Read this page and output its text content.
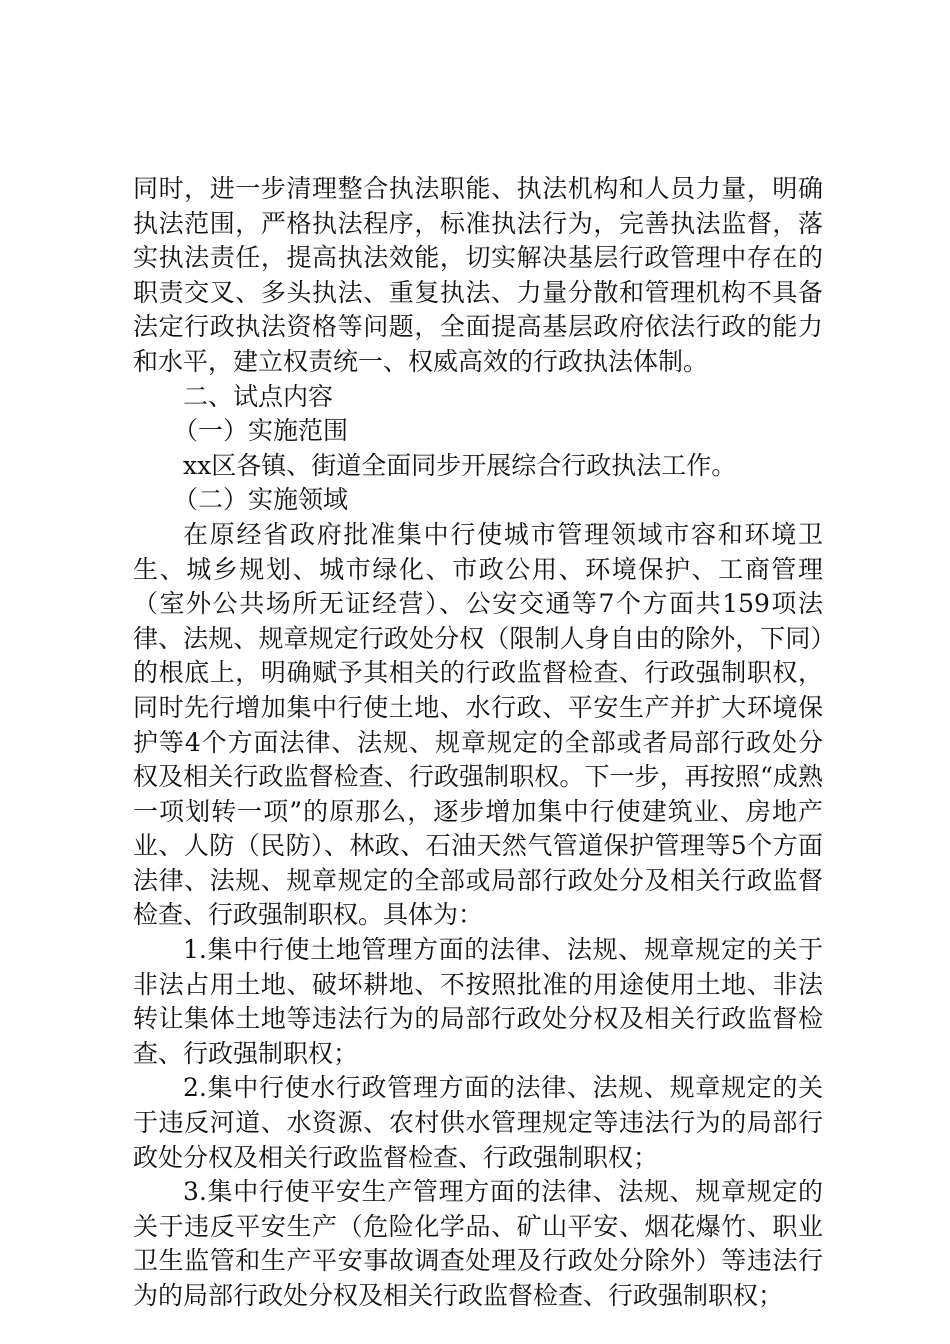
同时，进一步清理整合执法职能、执法机构和人员力量，明确执法范围，严格执法程序，标准执法行为，完善执法监督，落实执法责任，提高执法效能，切实解决基层行政管理中存在的职责交叉、多头执法、重复执法、力量分散和管理机构不具备法定行政执法资格等问题，全面提高基层政府依法行政的能力和水平，建立权责统一、权威高效的行政执法体制。

二、试点内容

（一）实施范围

xx区各镇、街道全面同步开展综合行政执法工作。

（二）实施领域

在原经省政府批准集中行使城市管理领域市容和环境卫生、城乡规划、城市绿化、市政公用、环境保护、工商管理（室外公共场所无证经营）、公安交通等7个方面共159项法律、法规、规章规定行政处分权（限制人身自由的除外，下同）的根底上，明确赋予其相关的行政监督检查、行政强制职权，同时先行增加集中行使土地、水行政、平安生产并扩大环境保护等4个方面法律、法规、规章规定的全部或者局部行政处分权及相关行政监督检查、行政强制职权。下一步，再按照“成熟一项划转一项”的原那么，逐步增加集中行使建筑业、房地产业、人防（民防）、林政、石油天然气管道保护管理等5个方面法律、法规、规章规定的全部或局部行政处分及相关行政监督检查、行政强制职权。具体为：

1.集中行使土地管理方面的法律、法规、规章规定的关于非法占用土地、破坏耕地、不按照批准的用途使用土地、非法转让集体土地等违法行为的局部行政处分权及相关行政监督检查、行政强制职权；

2.集中行使水行政管理方面的法律、法规、规章规定的关于违反河道、水资源、农村供水管理规定等违法行为的局部行政处分权及相关行政监督检查、行政强制职权；

3.集中行使平安生产管理方面的法律、法规、规章规定的关于违反平安生产（危险化学品、矿山平安、烟花爆竹、职业卫生监管和生产平安事故调查处理及行政处分除外）等违法行为的局部行政处分权及相关行政监督检查、行政强制职权；
